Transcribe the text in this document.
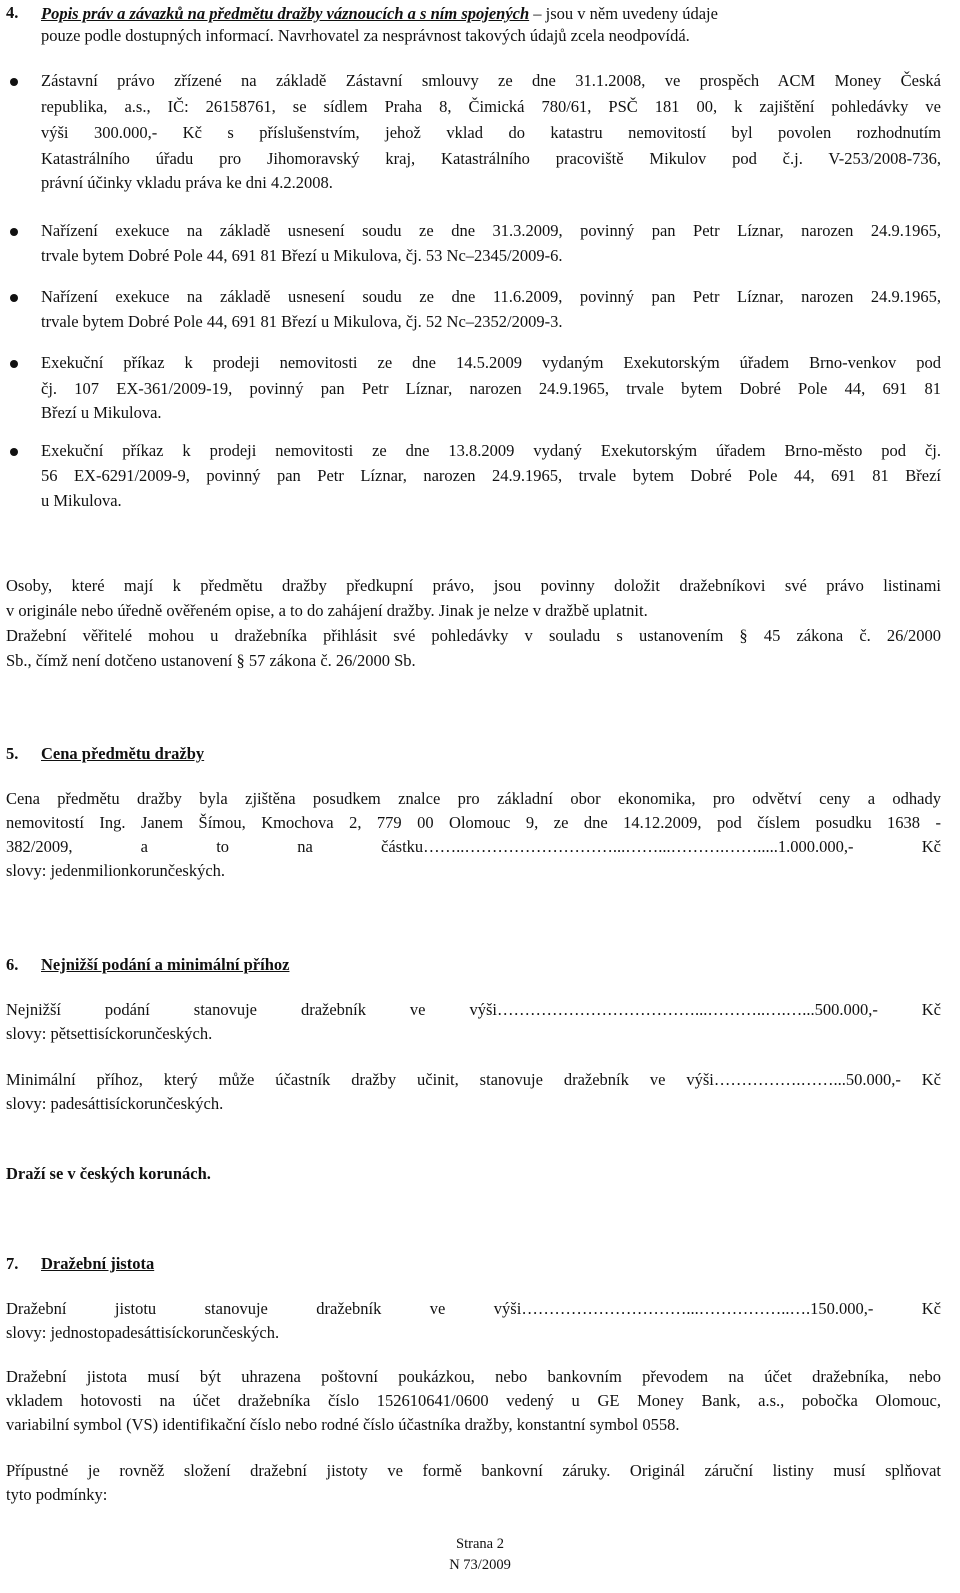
4. Popis práv a závazků na předmětu dražby váznoucích a s ním spojených – jsou v něm uvedeny údaje
pouze podle dostupných informací. Navrhovatel za nesprávnost takových údajů zcela neodpovídá.
Zástavní právo zřízené na základě Zástavní smlouvy ze dne 31.1.2008, ve prospěch ACM Money Česká
republika, a.s., IČ: 26158761, se sídlem Praha 8, Čimická 780/61, PSČ 181 00, k zajištění pohledávky ve
výši 300.000,- Kč s příslušenstvím, jehož vklad do katastru nemovitostí byl povolen rozhodnutím
Katastrálního úřadu pro Jihomoravský kraj, Katastrálního pracoviště Mikulov pod č.j. V-253/2008-736,
právní účinky vkladu práva ke dni 4.2.2008.
Nařízení exekuce na základě usnesení soudu ze dne 31.3.2009, povinný pan Petr Líznar, narozen 24.9.1965,
trvale bytem Dobré Pole 44, 691 81 Březí u Mikulova, čj. 53 Nc–2345/2009-6.
Nařízení exekuce na základě usnesení soudu ze dne 11.6.2009, povinný pan Petr Líznar, narozen 24.9.1965,
trvale bytem Dobré Pole 44, 691 81 Březí u Mikulova, čj. 52 Nc–2352/2009-3.
Exekuční příkaz k prodeji nemovitosti ze dne 14.5.2009 vydaným Exekutorským úřadem Brno-venkov pod
čj. 107 EX-361/2009-19, povinný pan Petr Líznar, narozen 24.9.1965, trvale bytem Dobré Pole 44, 691 81
Březí u Mikulova.
Exekuční příkaz k prodeji nemovitosti ze dne 13.8.2009 vydaný Exekutorským úřadem Brno-město pod čj.
56 EX-6291/2009-9, povinný pan Petr Líznar, narozen 24.9.1965, trvale bytem Dobré Pole 44, 691 81 Březí
u Mikulova.
Osoby, které mají k předmětu dražby předkupní právo, jsou povinny doložit dražebníkovi své právo listinami
v originále nebo úředně ověřeném opise, a to do zahájení dražby. Jinak je nelze v dražbě uplatnit.
Dražební věřitelé mohou u dražebníka přihlásit své pohledávky v souladu s ustanovením § 45 zákona č. 26/2000
Sb., čímž není dotčeno ustanovení § 57 zákona č. 26/2000 Sb.
5. Cena předmětu dražby
Cena předmětu dražby byla zjištěna posudkem znalce pro základní obor ekonomika, pro odvětví ceny a odhady
nemovitostí Ing. Janem Šímou, Kmochova 2, 779 00 Olomouc 9, ze dne 14.12.2009, pod číslem posudku 1638 -
382/2009, a to na částku……..………………………...……...……….…….....1.000.000,- Kč
slovy: jedenmilionkorunčeských.
6. Nejnižší podání a minimální příhoz
Nejnižší podání stanovuje dražebník ve výši………………………………...………..….…...500.000,- Kč
slovy: pětsettisíckorunčeských.
Minimální příhoz, který může účastník dražby učinit, stanovuje dražebník ve výši…………….……...50.000,- Kč
slovy: padesáttisíckorunčeských.
Draží se v českých korunách.
7. Dražební jistota
Dražební jistotu stanovuje dražebník ve výši…………………………...……………..….150.000,- Kč
slovy: jednostopadesáttisíckorunčeských.
Dražební jistota musí být uhrazena poštovní poukázkou, nebo bankovním převodem na účet dražebníka, nebo
vkladem hotovosti na účet dražebníka číslo 152610641/0600 vedený u GE Money Bank, a.s., pobočka Olomouc,
variabilní symbol (VS) identifikační číslo nebo rodné číslo účastníka dražby, konstantní symbol 0558.
Přípustné je rovněž složení dražební jistoty ve formě bankovní záruky. Originál záruční listiny musí splňovat
tyto podmínky:
Strana 2
N 73/2009
